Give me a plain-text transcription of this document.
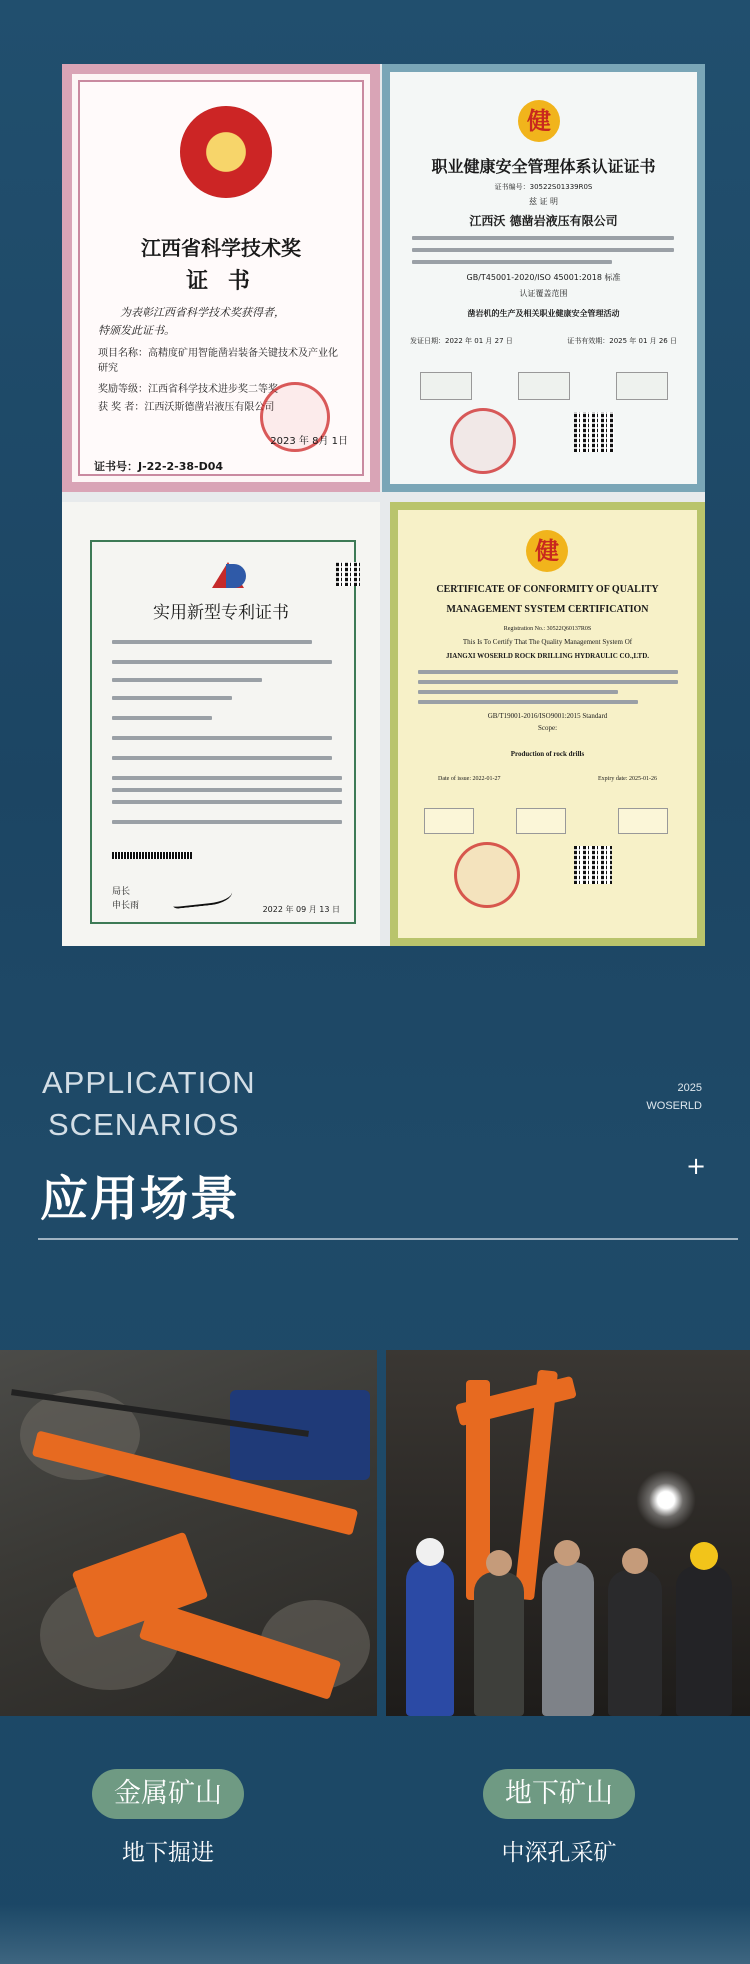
江西省科学技术奖
证 书
为表彰江西省科学技术奖获得者，
特颁发此证书。
项目名称：高精度矿用智能凿岩装备关键技术及产业化研究
奖励等级：江西省科学技术进步奖二等奖
获 奖 者：江西沃斯德凿岩液压有限公司
2023 年 8月 1日
证书号：J-22-2-38-D04
健
职业健康安全管理体系认证证书
证书编号：30522S01339R0S
兹 证 明
江西沃 德凿岩液压有限公司
GB/T45001-2020/ISO 45001:2018 标准
认证覆盖范围
凿岩机的生产及相关职业健康安全管理活动
发证日期：2022 年 01 月 27 日	证书有效期：2025 年 01 月 26 日
实用新型专利证书
局长
申长雨	2022 年 09 月 13 日
健
CERTIFICATE OF CONFORMITY OF QUALITY
MANAGEMENT SYSTEM CERTIFICATION
Registration No.: 30522Q60137R0S
This Is To Certify That The Quality Management System Of
JIANGXI WOSERLD ROCK DRILLING HYDRAULIC CO.,LTD.
GB/T19001-2016/ISO9001:2015 Standard
Scope:
Production of rock drills
Date of issue: 2022-01-27	Expiry date: 2025-01-26
APPLICATION
SCENARIOS
2025
WOSERLD
应用场景
+
金属矿山
地下掘进
地下矿山
中深孔采矿
